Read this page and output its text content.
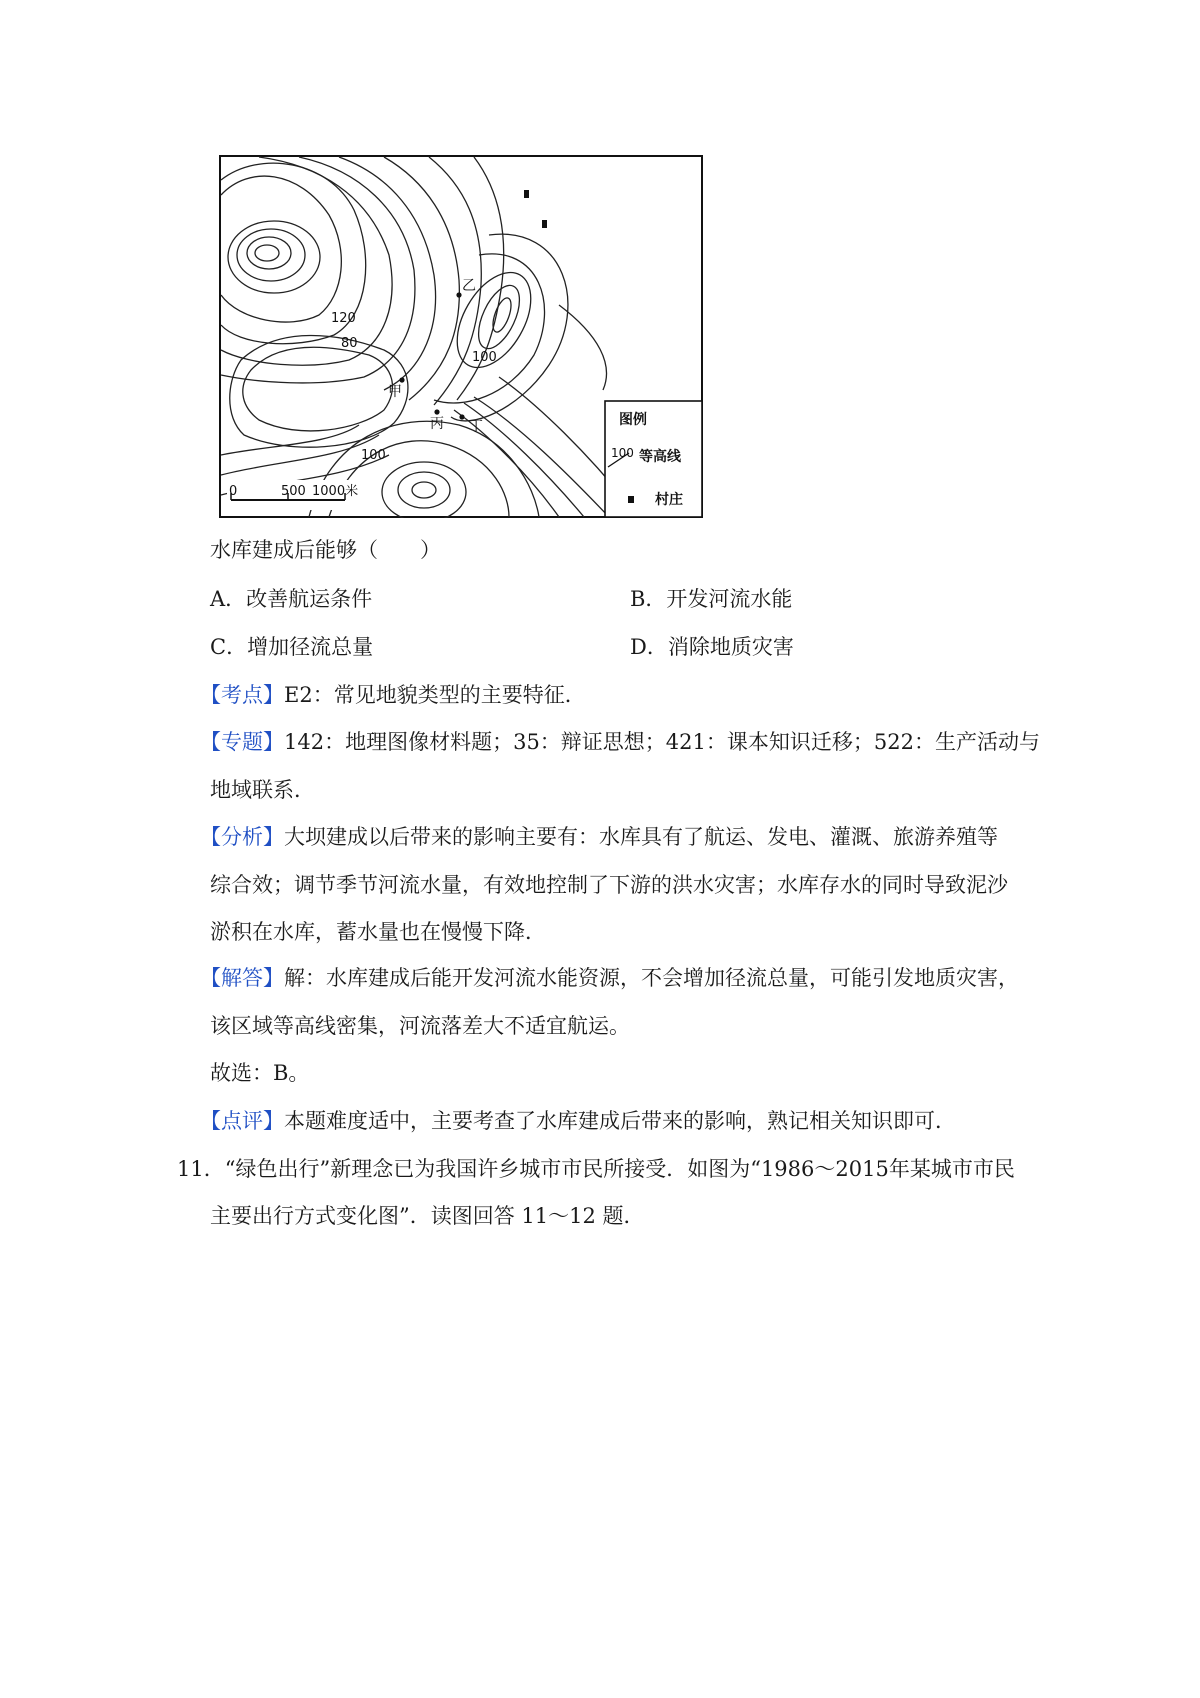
120
80
100
100
甲
乙
丙 丁
0	500 1000米
图例
100 等高线
村庄
水库建成后能够（　　）
A．改善航运条件	B．开发河流水能
C．增加径流总量	D．消除地质灾害
【考点】E2：常见地貌类型的主要特征．
【专题】142：地理图像材料题；35：辩证思想；421：课本知识迁移；522：生产活动与
地域联系．
【分析】大坝建成以后带来的影响主要有：水库具有了航运、发电、灌溉、旅游养殖等
综合效；调节季节河流水量，有效地控制了下游的洪水灾害；水库存水的同时导致泥沙
淤积在水库，蓄水量也在慢慢下降．
【解答】解：水库建成后能开发河流水能资源，不会增加径流总量，可能引发地质灾害，
该区域等高线密集，河流落差大不适宜航运。
故选：B。
【点评】本题难度适中，主要考查了水库建成后带来的影响，熟记相关知识即可．
11．“绿色出行”新理念已为我国许乡城市市民所接受．如图为“1986～2015年某城市市民
主要出行方式变化图”．读图回答 11～12 题．
